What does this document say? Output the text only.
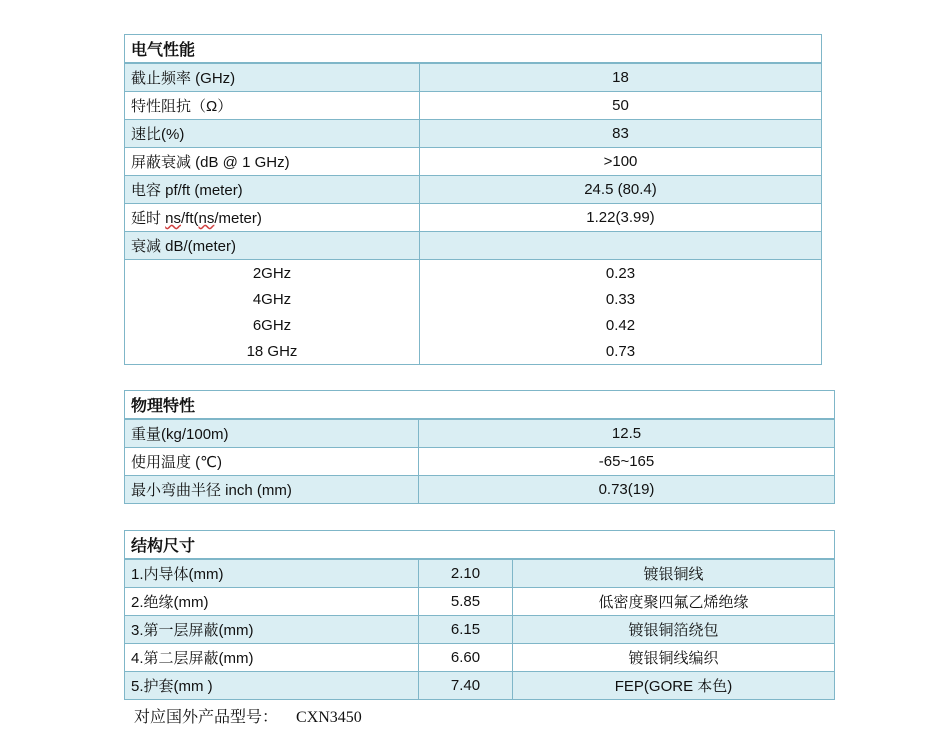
电气性能	
截止频率 (GHz)	18
特性阻抗（Ω）	50
速比(%)	83
屏蔽衰减 (dB @ 1 GHz)	>100
电容 pf/ft (meter)	24.5 (80.4)
延时 ns/ft(ns/meter)	1.22(3.99)
衰减 dB/(meter)	
2GHz	0.23
4GHz	0.33
6GHz	0.42
18 GHz	0.73
物理特性	
重量(kg/100m)	12.5
使用温度 (℃)	-65~165
最小弯曲半径 inch (mm)	0.73(19)
结构尺寸		
1.内导体(mm)	2.10	镀银铜线
2.绝缘(mm)	5.85	低密度聚四氟乙烯绝缘
3.第一层屏蔽(mm)	6.15	镀银铜箔绕包
4.第二层屏蔽(mm)	6.60	镀银铜线编织
5.护套(mm )	7.40	FEP(GORE 本色)
对应国外产品型号： CXN3450
